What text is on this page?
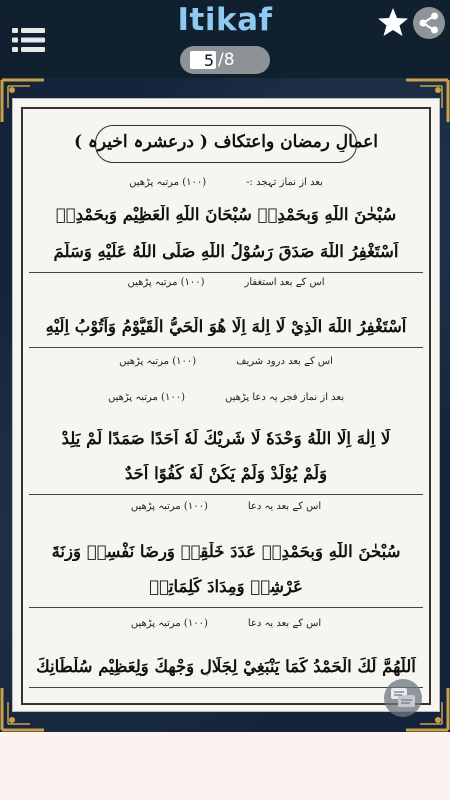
Itikaf
5
/8
اعمالِ رمضان واعتکاف ( درعشرہ اخیرہ )
بعد از نماز تہجد :-(۱۰۰) مرتبہ پڑھیں
سُبْحٰنَ اللّٰهِ وَبِحَمْدِهٖ سُبْحَانَ اللّٰهِ الْعَظِيْمِ وَبِحَمْدِهٖ
اَسْتَغْفِرُ اللّٰهَ صَدَقَ رَسُوْلُ اللّٰهِ صَلَّى اللّٰهُ عَلَيْهِ وَسَلَّمَ
اس کے بعد استغفار(۱۰۰) مرتبہ پڑھیں
اَسْتَغْفِرُ اللّٰهَ الَّذِيْ لَا اِلٰهَ اِلَّا هُوَ الْحَيُّ الْقَيُّوْمُ وَاَتُوْبُ اِلَيْهِ
اس کے بعد درود شریف(۱۰۰) مرتبہ پڑھیں
بعد از نماز فجر یہ دعا پڑھیں(۱۰۰) مرتبہ پڑھیں
لَا اِلٰهَ اِلَّا اللّٰهُ وَحْدَهٗ لَا شَرِيْكَ لَهٗ اَحَدًا صَمَدًا لَّمْ يَلِدْ
وَلَمْ يُوْلَدْ وَلَمْ يَكُنْ لَّهٗ كُفُوًا اَحَدٌ
اس کے بعد یہ دعا(۱۰۰) مرتبہ پڑھیں
سُبْحٰنَ اللّٰهِ وَبِحَمْدِهٖ عَدَدَ خَلْقِهٖ وَرِضَا نَفْسِهٖ وَزِنَةَ
عَرْشِهٖ وَمِدَادَ كَلِمَاتِهٖ
اس کے بعد یہ دعا(۱۰۰) مرتبہ پڑھیں
اَللّٰهُمَّ لَكَ الْحَمْدُ كَمَا يَنْبَغِيْ لِجَلَالِ وَجْهِكَ وَلِعَظِيْمِ سُلْطَانِكَ
